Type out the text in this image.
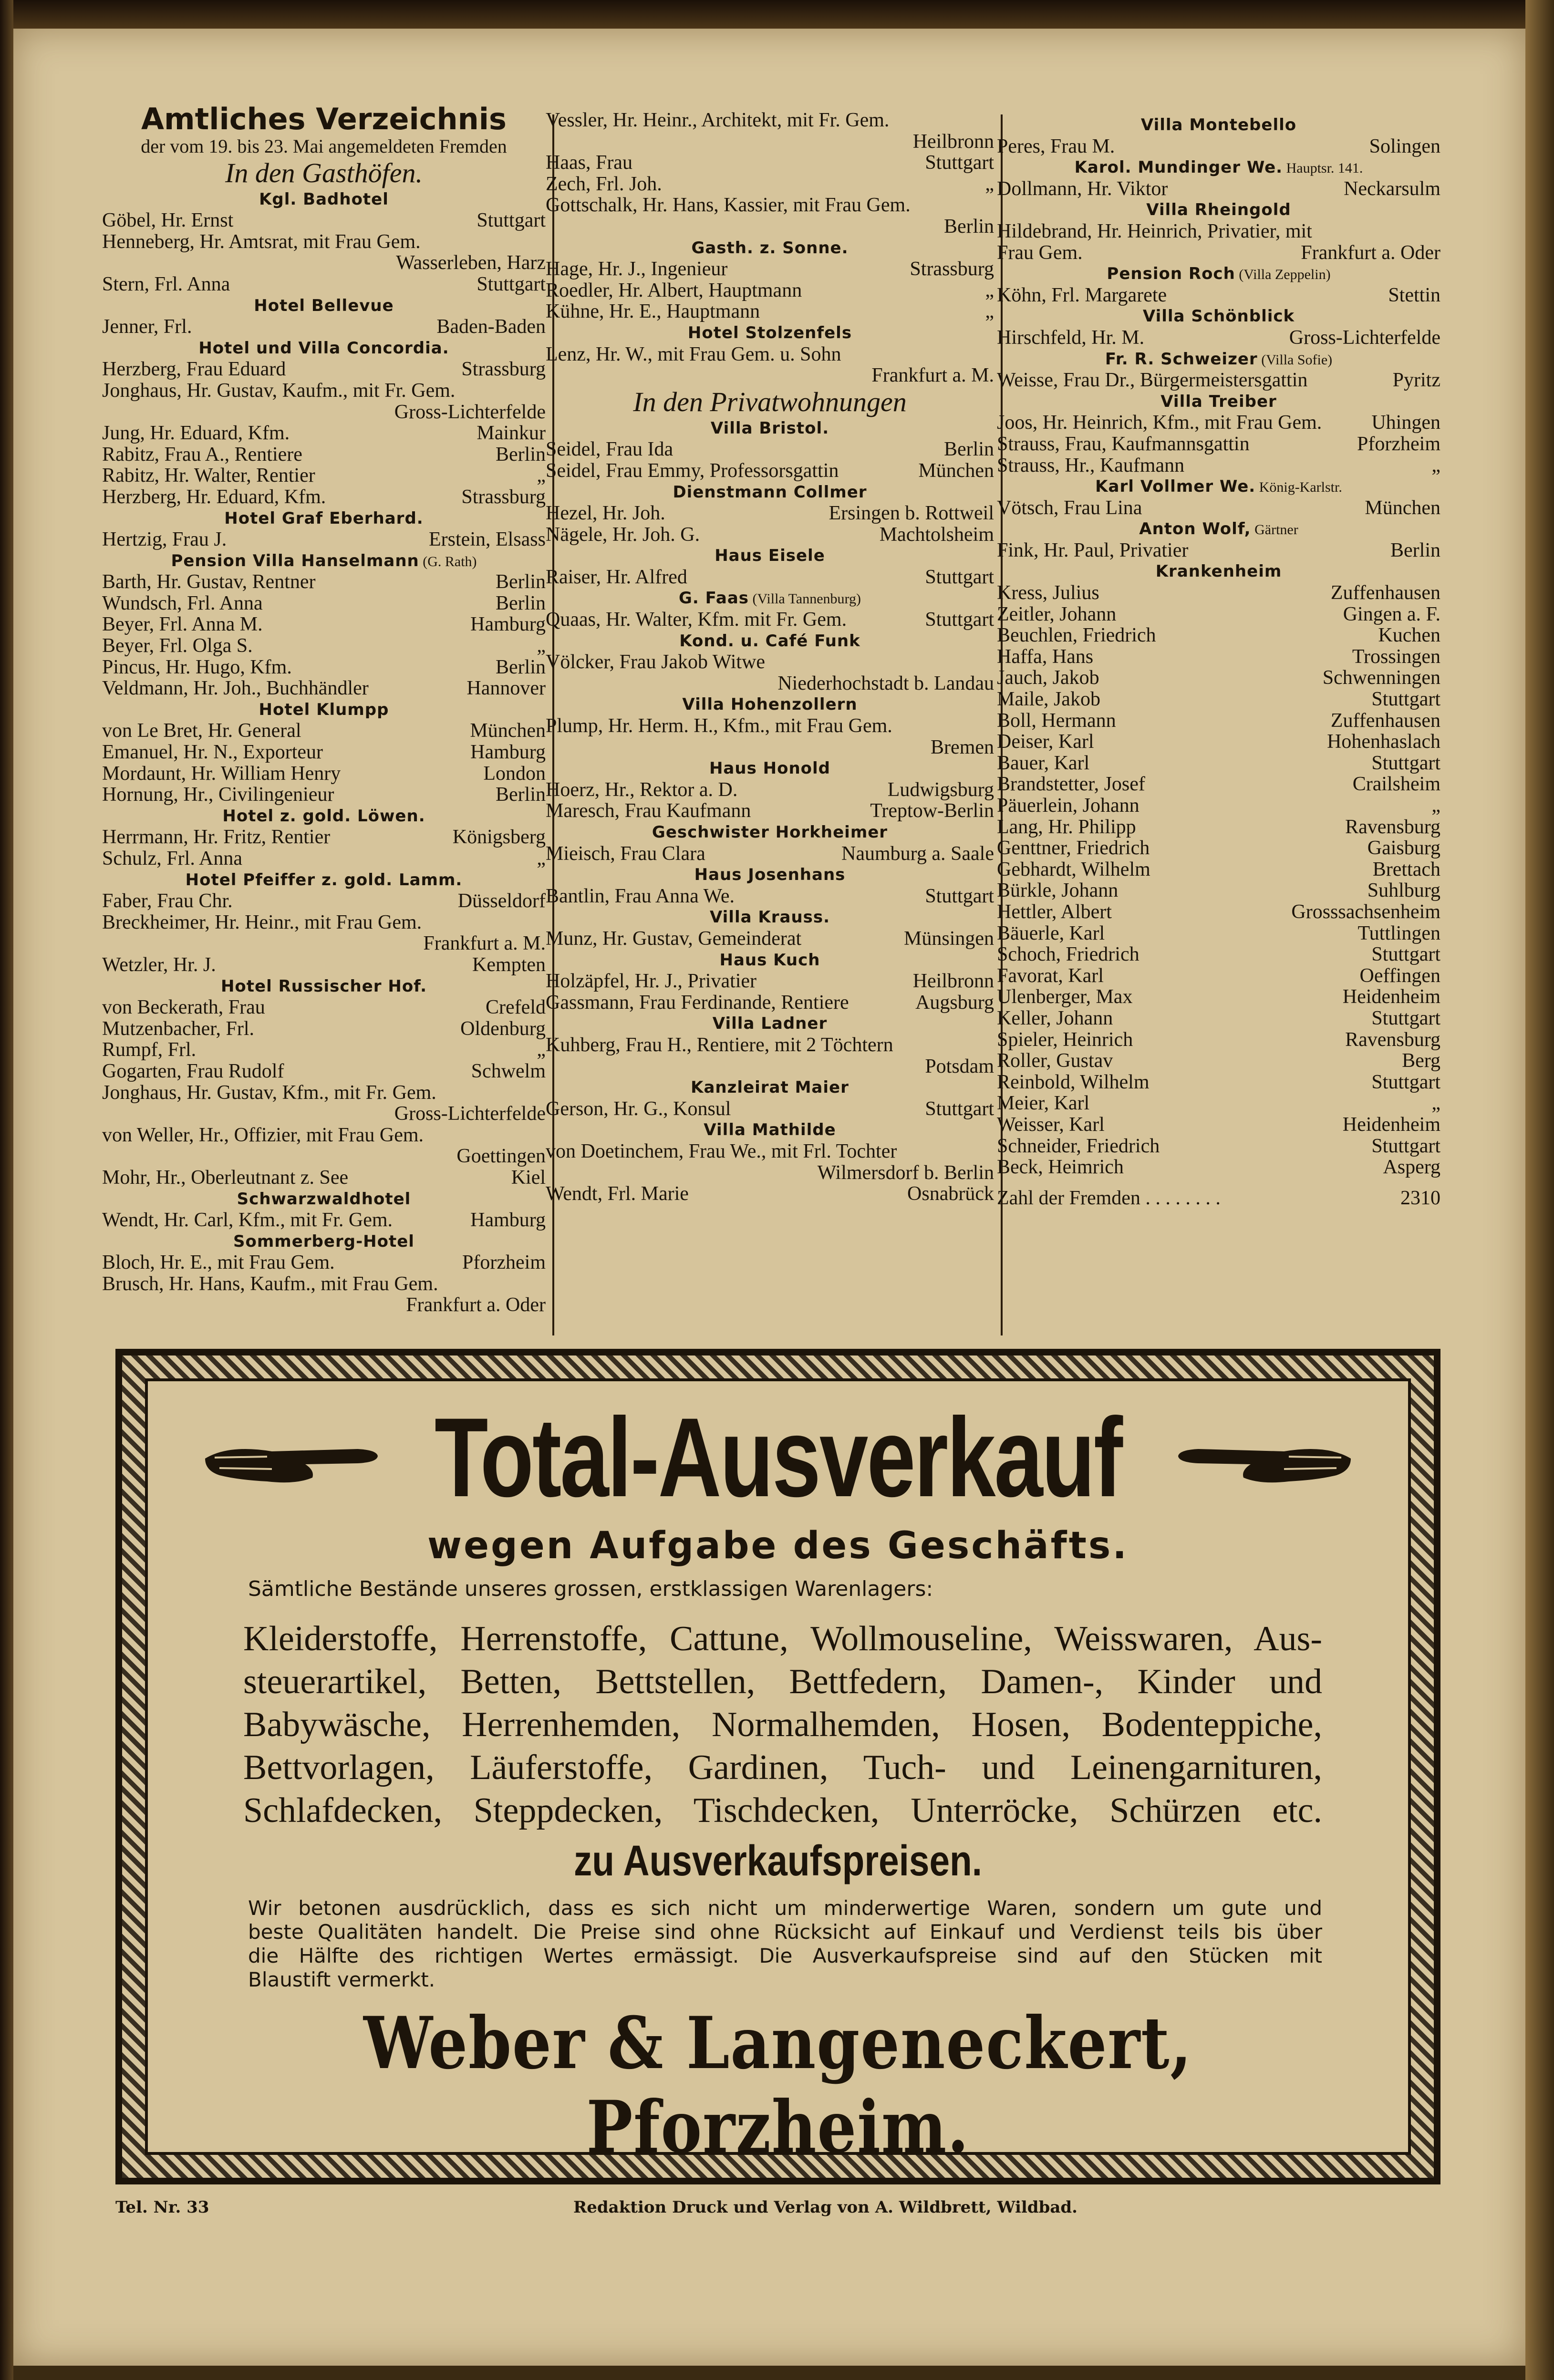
Amtliches Verzeichnis
der vom 19. bis 23. Mai angemeldeten Fremden
In den Gasthöfen.
Kgl. Badhotel
Göbel, Hr. Ernst	Stuttgart
Henneberg, Hr. Amtsrat, mit Frau Gem.
Wasserleben, Harz
Stern, Frl. Anna	Stuttgart
Hotel Bellevue
Jenner, Frl.	Baden-Baden
Hotel und Villa Concordia.
Herzberg, Frau Eduard	Strassburg
Jonghaus, Hr. Gustav, Kaufm., mit Fr. Gem.
Gross-Lichterfelde
Jung, Hr. Eduard, Kfm.	Mainkur
Rabitz, Frau A., Rentiere	Berlin
Rabitz, Hr. Walter, Rentier	„
Herzberg, Hr. Eduard, Kfm.	Strassburg
Hotel Graf Eberhard.
Hertzig, Frau J.	Erstein, Elsass
Pension Villa Hanselmann (G. Rath)
Barth, Hr. Gustav, Rentner	Berlin
Wundsch, Frl. Anna	Berlin
Beyer, Frl. Anna M.	Hamburg
Beyer, Frl. Olga S.	„
Pincus, Hr. Hugo, Kfm.	Berlin
Veldmann, Hr. Joh., Buchhändler	Hannover
Hotel Klumpp
von Le Bret, Hr. General	München
Emanuel, Hr. N., Exporteur	Hamburg
Mordaunt, Hr. William Henry	London
Hornung, Hr., Civilingenieur	Berlin
Hotel z. gold. Löwen.
Herrmann, Hr. Fritz, Rentier	Königsberg
Schulz, Frl. Anna	„
Hotel Pfeiffer z. gold. Lamm.
Faber, Frau Chr.	Düsseldorf
Breckheimer, Hr. Heinr., mit Frau Gem.
Frankfurt a. M.
Wetzler, Hr. J.	Kempten
Hotel Russischer Hof.
von Beckerath, Frau	Crefeld
Mutzenbacher, Frl.	Oldenburg
Rumpf, Frl.	„
Gogarten, Frau Rudolf	Schwelm
Jonghaus, Hr. Gustav, Kfm., mit Fr. Gem.
Gross-Lichterfelde
von Weller, Hr., Offizier, mit Frau Gem.
Goettingen
Mohr, Hr., Oberleutnant z. See	Kiel
Schwarzwaldhotel
Wendt, Hr. Carl, Kfm., mit Fr. Gem.	Hamburg
Sommerberg-Hotel
Bloch, Hr. E., mit Frau Gem.	Pforzheim
Brusch, Hr. Hans, Kaufm., mit Frau Gem.
Frankfurt a. Oder
Vessler, Hr. Heinr., Architekt, mit Fr. Gem.
Heilbronn
Haas, Frau	Stuttgart
Zech, Frl. Joh.	„
Gottschalk, Hr. Hans, Kassier, mit Frau Gem.
Berlin
Gasth. z. Sonne.
Hage, Hr. J., Ingenieur	Strassburg
Roedler, Hr. Albert, Hauptmann	„
Kühne, Hr. E., Hauptmann	„
Hotel Stolzenfels
Lenz, Hr. W., mit Frau Gem. u. Sohn
Frankfurt a. M.
In den Privatwohnungen
Villa Bristol.
Seidel, Frau Ida	Berlin
Seidel, Frau Emmy, Professorsgattin	München
Dienstmann Collmer
Hezel, Hr. Joh.	Ersingen b. Rottweil
Nägele, Hr. Joh. G.	Machtolsheim
Haus Eisele
Raiser, Hr. Alfred	Stuttgart
G. Faas (Villa Tannenburg)
Quaas, Hr. Walter, Kfm. mit Fr. Gem.	Stuttgart
Kond. u. Café Funk
Völcker, Frau Jakob Witwe
Niederhochstadt b. Landau
Villa Hohenzollern
Plump, Hr. Herm. H., Kfm., mit Frau Gem.
Bremen
Haus Honold
Hoerz, Hr., Rektor a. D.	Ludwigsburg
Maresch, Frau Kaufmann	Treptow-Berlin
Geschwister Horkheimer
Mieisch, Frau Clara	Naumburg a. Saale
Haus Josenhans
Bantlin, Frau Anna We.	Stuttgart
Villa Krauss.
Munz, Hr. Gustav, Gemeinderat	Münsingen
Haus Kuch
Holzäpfel, Hr. J., Privatier	Heilbronn
Gassmann, Frau Ferdinande, Rentiere	Augsburg
Villa Ladner
Kuhberg, Frau H., Rentiere, mit 2 Töchtern
Potsdam
Kanzleirat Maier
Gerson, Hr. G., Konsul	Stuttgart
Villa Mathilde
von Doetinchem, Frau We., mit Frl. Tochter
Wilmersdorf b. Berlin
Wendt, Frl. Marie	Osnabrück
Villa Montebello
Peres, Frau M.	Solingen
Karol. Mundinger We. Hauptsr. 141.
Dollmann, Hr. Viktor	Neckarsulm
Villa Rheingold
Hildebrand, Hr. Heinrich, Privatier, mit
Frau Gem.	Frankfurt a. Oder
Pension Roch (Villa Zeppelin)
Köhn, Frl. Margarete	Stettin
Villa Schönblick
Hirschfeld, Hr. M.	Gross-Lichterfelde
Fr. R. Schweizer (Villa Sofie)
Weisse, Frau Dr., Bürgermeistersgattin	Pyritz
Villa Treiber
Joos, Hr. Heinrich, Kfm., mit Frau Gem. Uhingen
Strauss, Frau, Kaufmannsgattin	Pforzheim
Strauss, Hr., Kaufmann	„
Karl Vollmer We. König-Karlstr.
Vötsch, Frau Lina	München
Anton Wolf, Gärtner
Fink, Hr. Paul, Privatier	Berlin
Krankenheim
Kress, Julius	Zuffenhausen
Zeitler, Johann	Gingen a. F.
Beuchlen, Friedrich	Kuchen
Haffa, Hans	Trossingen
Jauch, Jakob	Schwenningen
Maile, Jakob	Stuttgart
Boll, Hermann	Zuffenhausen
Deiser, Karl	Hohenhaslach
Bauer, Karl	Stuttgart
Brandstetter, Josef	Crailsheim
Päuerlein, Johann	„
Lang, Hr. Philipp	Ravensburg
Genttner, Friedrich	Gaisburg
Gebhardt, Wilhelm	Brettach
Bürkle, Johann	Suhlburg
Hettler, Albert	Grosssachsenheim
Bäuerle, Karl	Tuttlingen
Schoch, Friedrich	Stuttgart
Favorat, Karl	Oeffingen
Ulenberger, Max	Heidenheim
Keller, Johann	Stuttgart
Spieler, Heinrich	Ravensburg
Roller, Gustav	Berg
Reinbold, Wilhelm	Stuttgart
Meier, Karl	„
Weisser, Karl	Heidenheim
Schneider, Friedrich	Stuttgart
Beck, Heimrich	Asperg
Zahl der Fremden . . . . . . . .	2310
Total-Ausverkauf
wegen Aufgabe des Geschäfts.
Sämtliche Bestände unseres grossen, erstklassigen Warenlagers:
Kleiderstoffe, Herrenstoffe, Cattune, Wollmouseline, Weisswaren, Aus-
steuerartikel, Betten, Bettstellen, Bettfedern, Damen-, Kinder und
Babywäsche, Herrenhemden, Normalhemden, Hosen, Bodenteppiche,
Bettvorlagen, Läuferstoffe, Gardinen, Tuch- und Leinengarnituren,
Schlafdecken, Steppdecken, Tischdecken, Unterröcke, Schürzen etc.
zu Ausverkaufspreisen.
Wir betonen ausdrücklich, dass es sich nicht um minderwertige Waren, sondern um gute und
beste Qualitäten handelt. Die Preise sind ohne Rücksicht auf Einkauf und Verdienst teils bis über
die Hälfte des richtigen Wertes ermässigt. Die Ausverkaufspreise sind auf den Stücken mit
Blaustift vermerkt.
Weber & Langeneckert, Pforzheim.
Tel. Nr. 33	Redaktion Druck und Verlag von A. Wildbrett, Wildbad.
